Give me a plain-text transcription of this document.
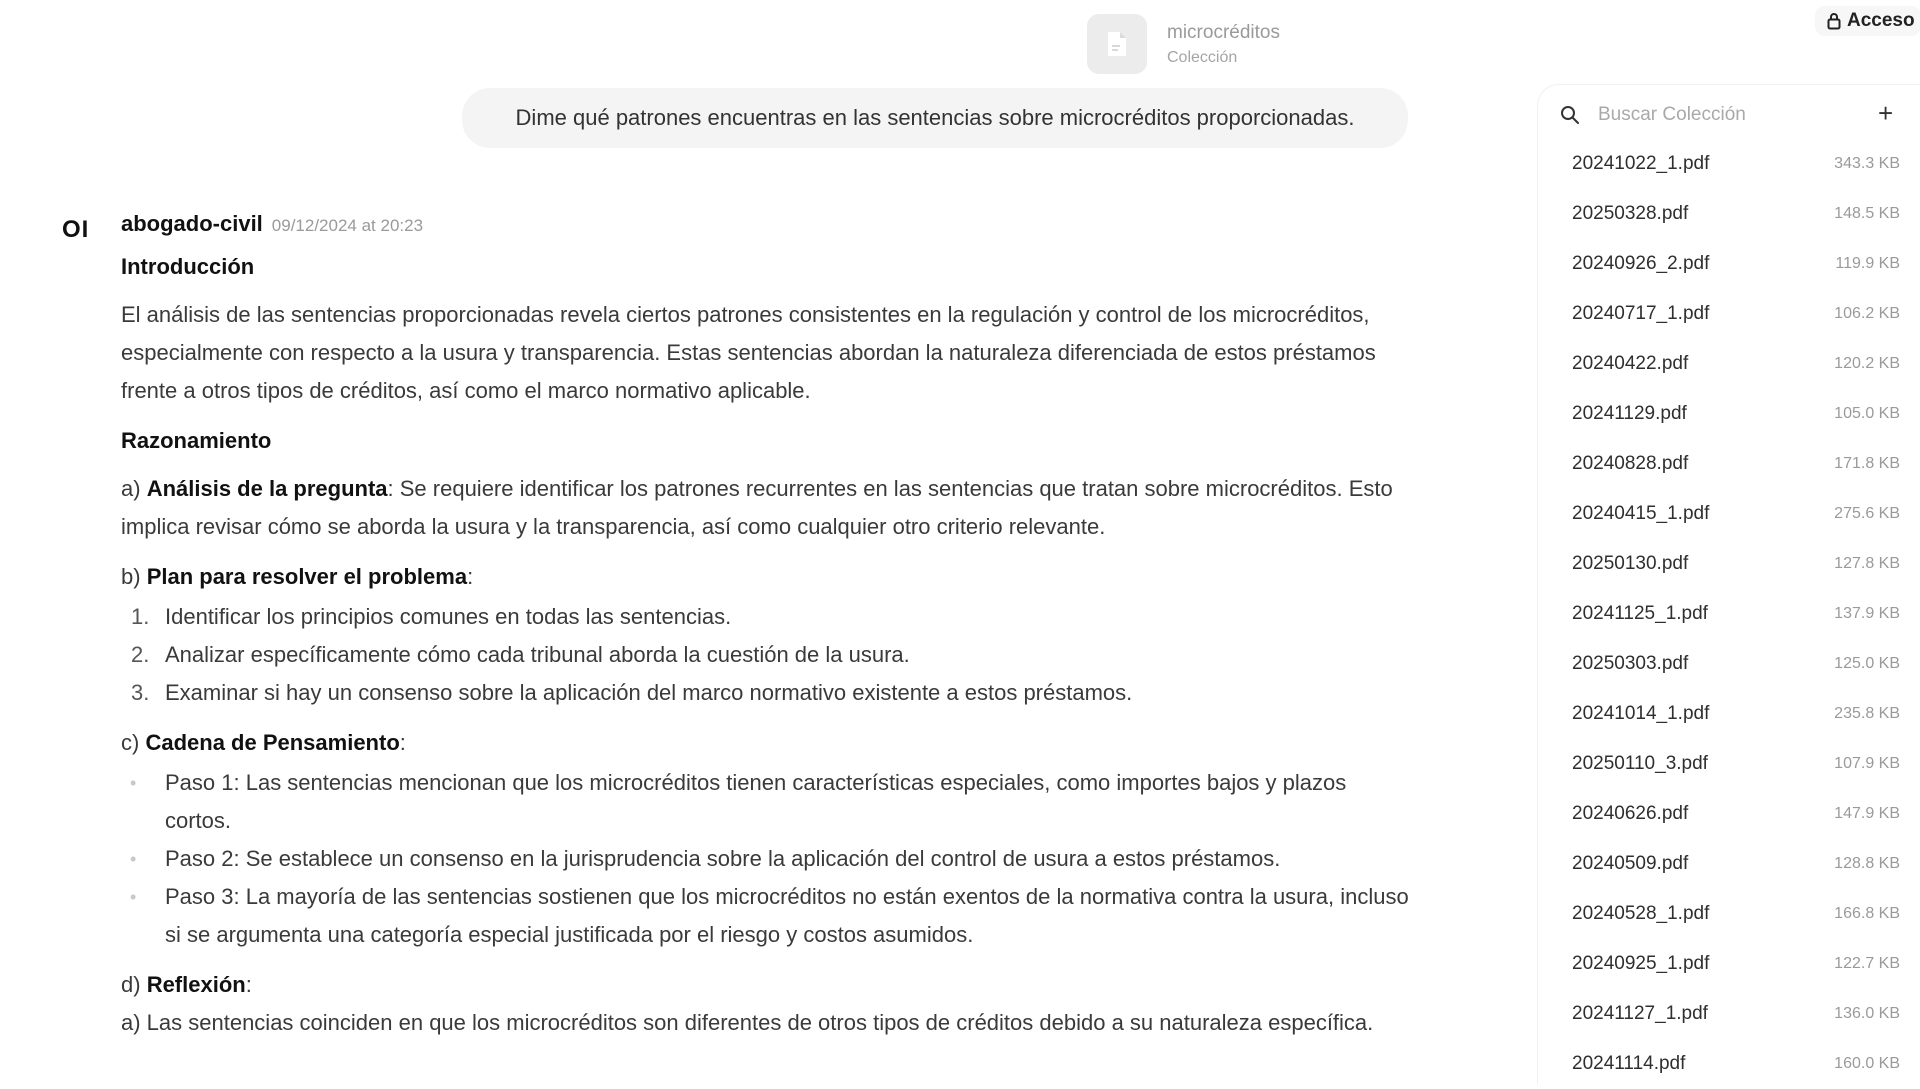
microcréditos
Colección
Acceso
Dime qué patrones encuentras en las sentencias sobre microcréditos proporcionadas.
OI abogado-civil 09/12/2024 at 20:23
Introducción

El análisis de las sentencias proporcionadas revela ciertos patrones consistentes en la regulación y control de los microcréditos, especialmente con respecto a la usura y transparencia. Estas sentencias abordan la naturaleza diferenciada de estos préstamos frente a otros tipos de créditos, así como el marco normativo aplicable.

Razonamiento

a) Análisis de la pregunta: Se requiere identificar los patrones recurrentes en las sentencias que tratan sobre microcréditos. Esto implica revisar cómo se aborda la usura y la transparencia, así como cualquier otro criterio relevante.

b) Plan para resolver el problema:

1. Identificar los principios comunes en todas las sentencias.
2. Analizar específicamente cómo cada tribunal aborda la cuestión de la usura.
3. Examinar si hay un consenso sobre la aplicación del marco normativo existente a estos préstamos.

c) Cadena de Pensamiento:

• Paso 1: Las sentencias mencionan que los microcréditos tienen características especiales, como importes bajos y plazos cortos.
• Paso 2: Se establece un consenso en la jurisprudencia sobre la aplicación del control de usura a estos préstamos.
• Paso 3: La mayoría de las sentencias sostienen que los microcréditos no están exentos de la normativa contra la usura, incluso si se argumenta una categoría especial justificada por el riesgo y costos asumidos.

d) Reflexión:

a) Las sentencias coinciden en que los microcréditos son diferentes de otros tipos de créditos debido a su naturaleza específica.

Buscar Colección
+
20241022_1.pdf	343.3 KB
20250328.pdf	148.5 KB
20240926_2.pdf	119.9 KB
20240717_1.pdf	106.2 KB
20240422.pdf	120.2 KB
20241129.pdf	105.0 KB
20240828.pdf	171.8 KB
20240415_1.pdf	275.6 KB
20250130.pdf	127.8 KB
20241125_1.pdf	137.9 KB
20250303.pdf	125.0 KB
20241014_1.pdf	235.8 KB
20250110_3.pdf	107.9 KB
20240626.pdf	147.9 KB
20240509.pdf	128.8 KB
20240528_1.pdf	166.8 KB
20240925_1.pdf	122.7 KB
20241127_1.pdf	136.0 KB
20241114.pdf	160.0 KB
